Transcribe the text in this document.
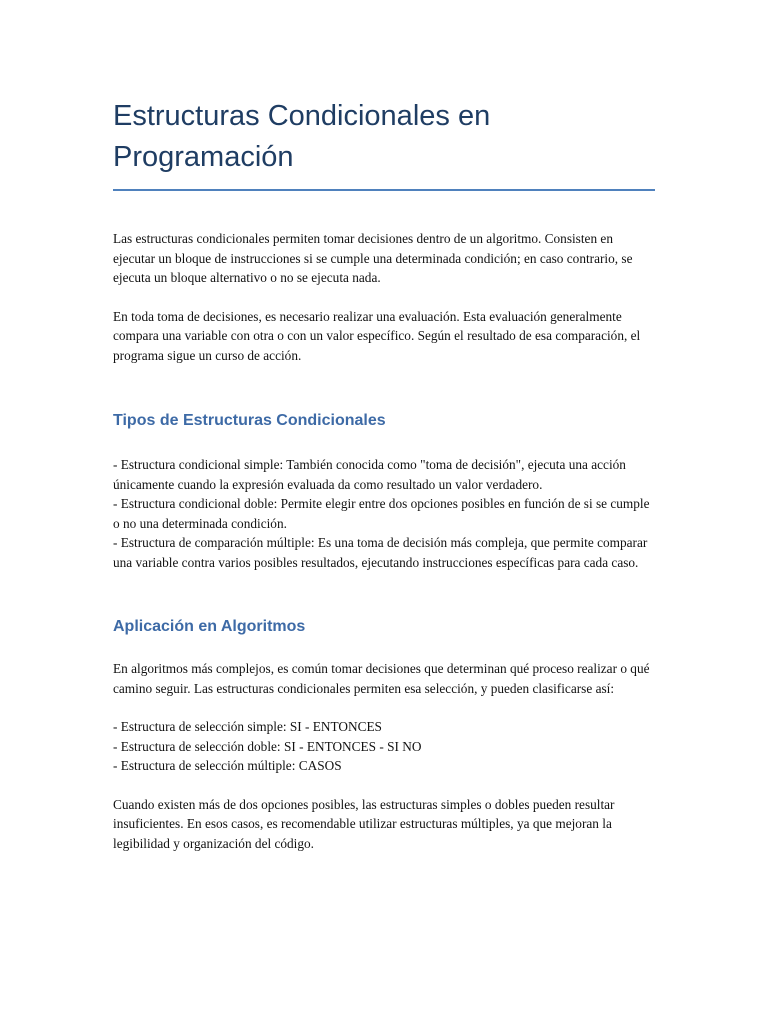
Estructuras Condicionales en Programación

Las estructuras condicionales permiten tomar decisiones dentro de un algoritmo. Consisten en ejecutar un bloque de instrucciones si se cumple una determinada condición; en caso contrario, se ejecuta un bloque alternativo o no se ejecuta nada.

En toda toma de decisiones, es necesario realizar una evaluación. Esta evaluación generalmente compara una variable con otra o con un valor específico. Según el resultado de esa comparación, el programa sigue un curso de acción.

Tipos de Estructuras Condicionales
- Estructura condicional simple: También conocida como "toma de decisión", ejecuta una acción únicamente cuando la expresión evaluada da como resultado un valor verdadero.
- Estructura condicional doble: Permite elegir entre dos opciones posibles en función de si se cumple o no una determinada condición.
- Estructura de comparación múltiple: Es una toma de decisión más compleja, que permite comparar una variable contra varios posibles resultados, ejecutando instrucciones específicas para cada caso.
Aplicación en Algoritmos

En algoritmos más complejos, es común tomar decisiones que determinan qué proceso realizar o qué camino seguir. Las estructuras condicionales permiten esa selección, y pueden clasificarse así:

- Estructura de selección simple: SI - ENTONCES
- Estructura de selección doble: SI - ENTONCES - SI NO
- Estructura de selección múltiple: CASOS

Cuando existen más de dos opciones posibles, las estructuras simples o dobles pueden resultar insuficientes. En esos casos, es recomendable utilizar estructuras múltiples, ya que mejoran la legibilidad y organización del código.
